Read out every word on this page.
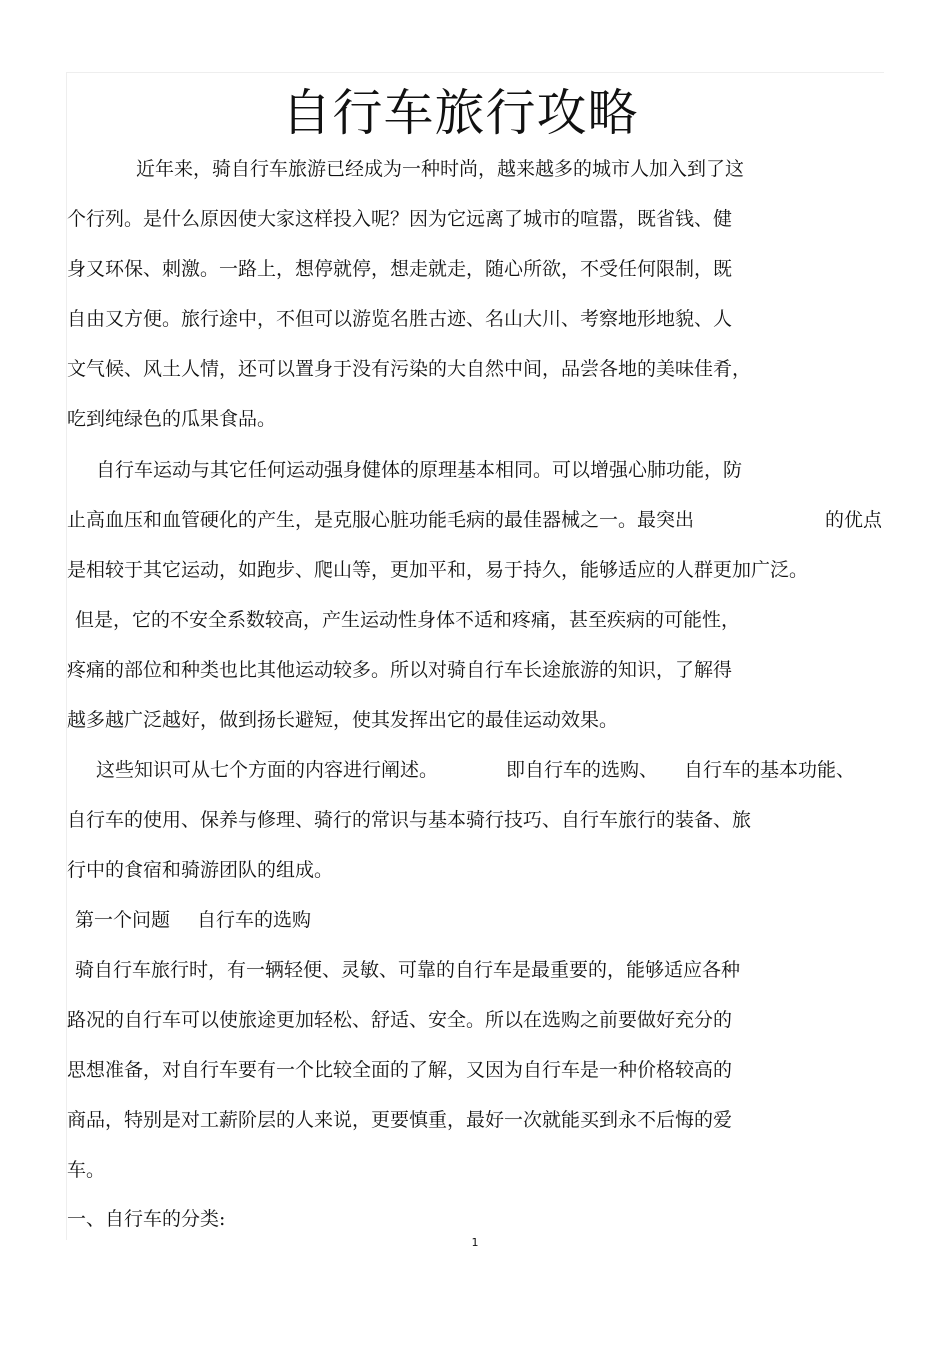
自行车旅行攻略
近年来，骑自行车旅游已经成为一种时尚，越来越多的城市人加入到了这
个行列。是什么原因使大家这样投入呢？因为它远离了城市的喧嚣，既省钱、健
身又环保、刺激。一路上，想停就停，想走就走，随心所欲，不受任何限制，既
自由又方便。旅行途中，不但可以游览名胜古迹、名山大川、考察地形地貌、人
文气候、风土人情，还可以置身于没有污染的大自然中间，品尝各地的美味佳肴，
吃到纯绿色的瓜果食品。
自行车运动与其它任何运动强身健体的原理基本相同。可以增强心肺功能，防
止高血压和血管硬化的产生，是克服心脏功能毛病的最佳器械之一。最突出	的优点
是相较于其它运动，如跑步、爬山等，更加平和，易于持久，能够适应的人群更加广泛。
但是，它的不安全系数较高，产生运动性身体不适和疼痛，甚至疾病的可能性，
疼痛的部位和种类也比其他运动较多。所以对骑自行车长途旅游的知识，了解得
越多越广泛越好，做到扬长避短，使其发挥出它的最佳运动效果。
这些知识可从七个方面的内容进行阐述。	即自行车的选购、 自行车的基本功能、
自行车的使用、保养与修理、骑行的常识与基本骑行技巧、自行车旅行的装备、旅
行中的食宿和骑游团队的组成。
第一个问题 自行车的选购
骑自行车旅行时，有一辆轻便、灵敏、可靠的自行车是最重要的，能够适应各种
路况的自行车可以使旅途更加轻松、舒适、安全。所以在选购之前要做好充分的
思想准备，对自行车要有一个比较全面的了解，又因为自行车是一种价格较高的
商品，特别是对工薪阶层的人来说，更要慎重，最好一次就能买到永不后悔的爱
车。
一、自行车的分类:
1
